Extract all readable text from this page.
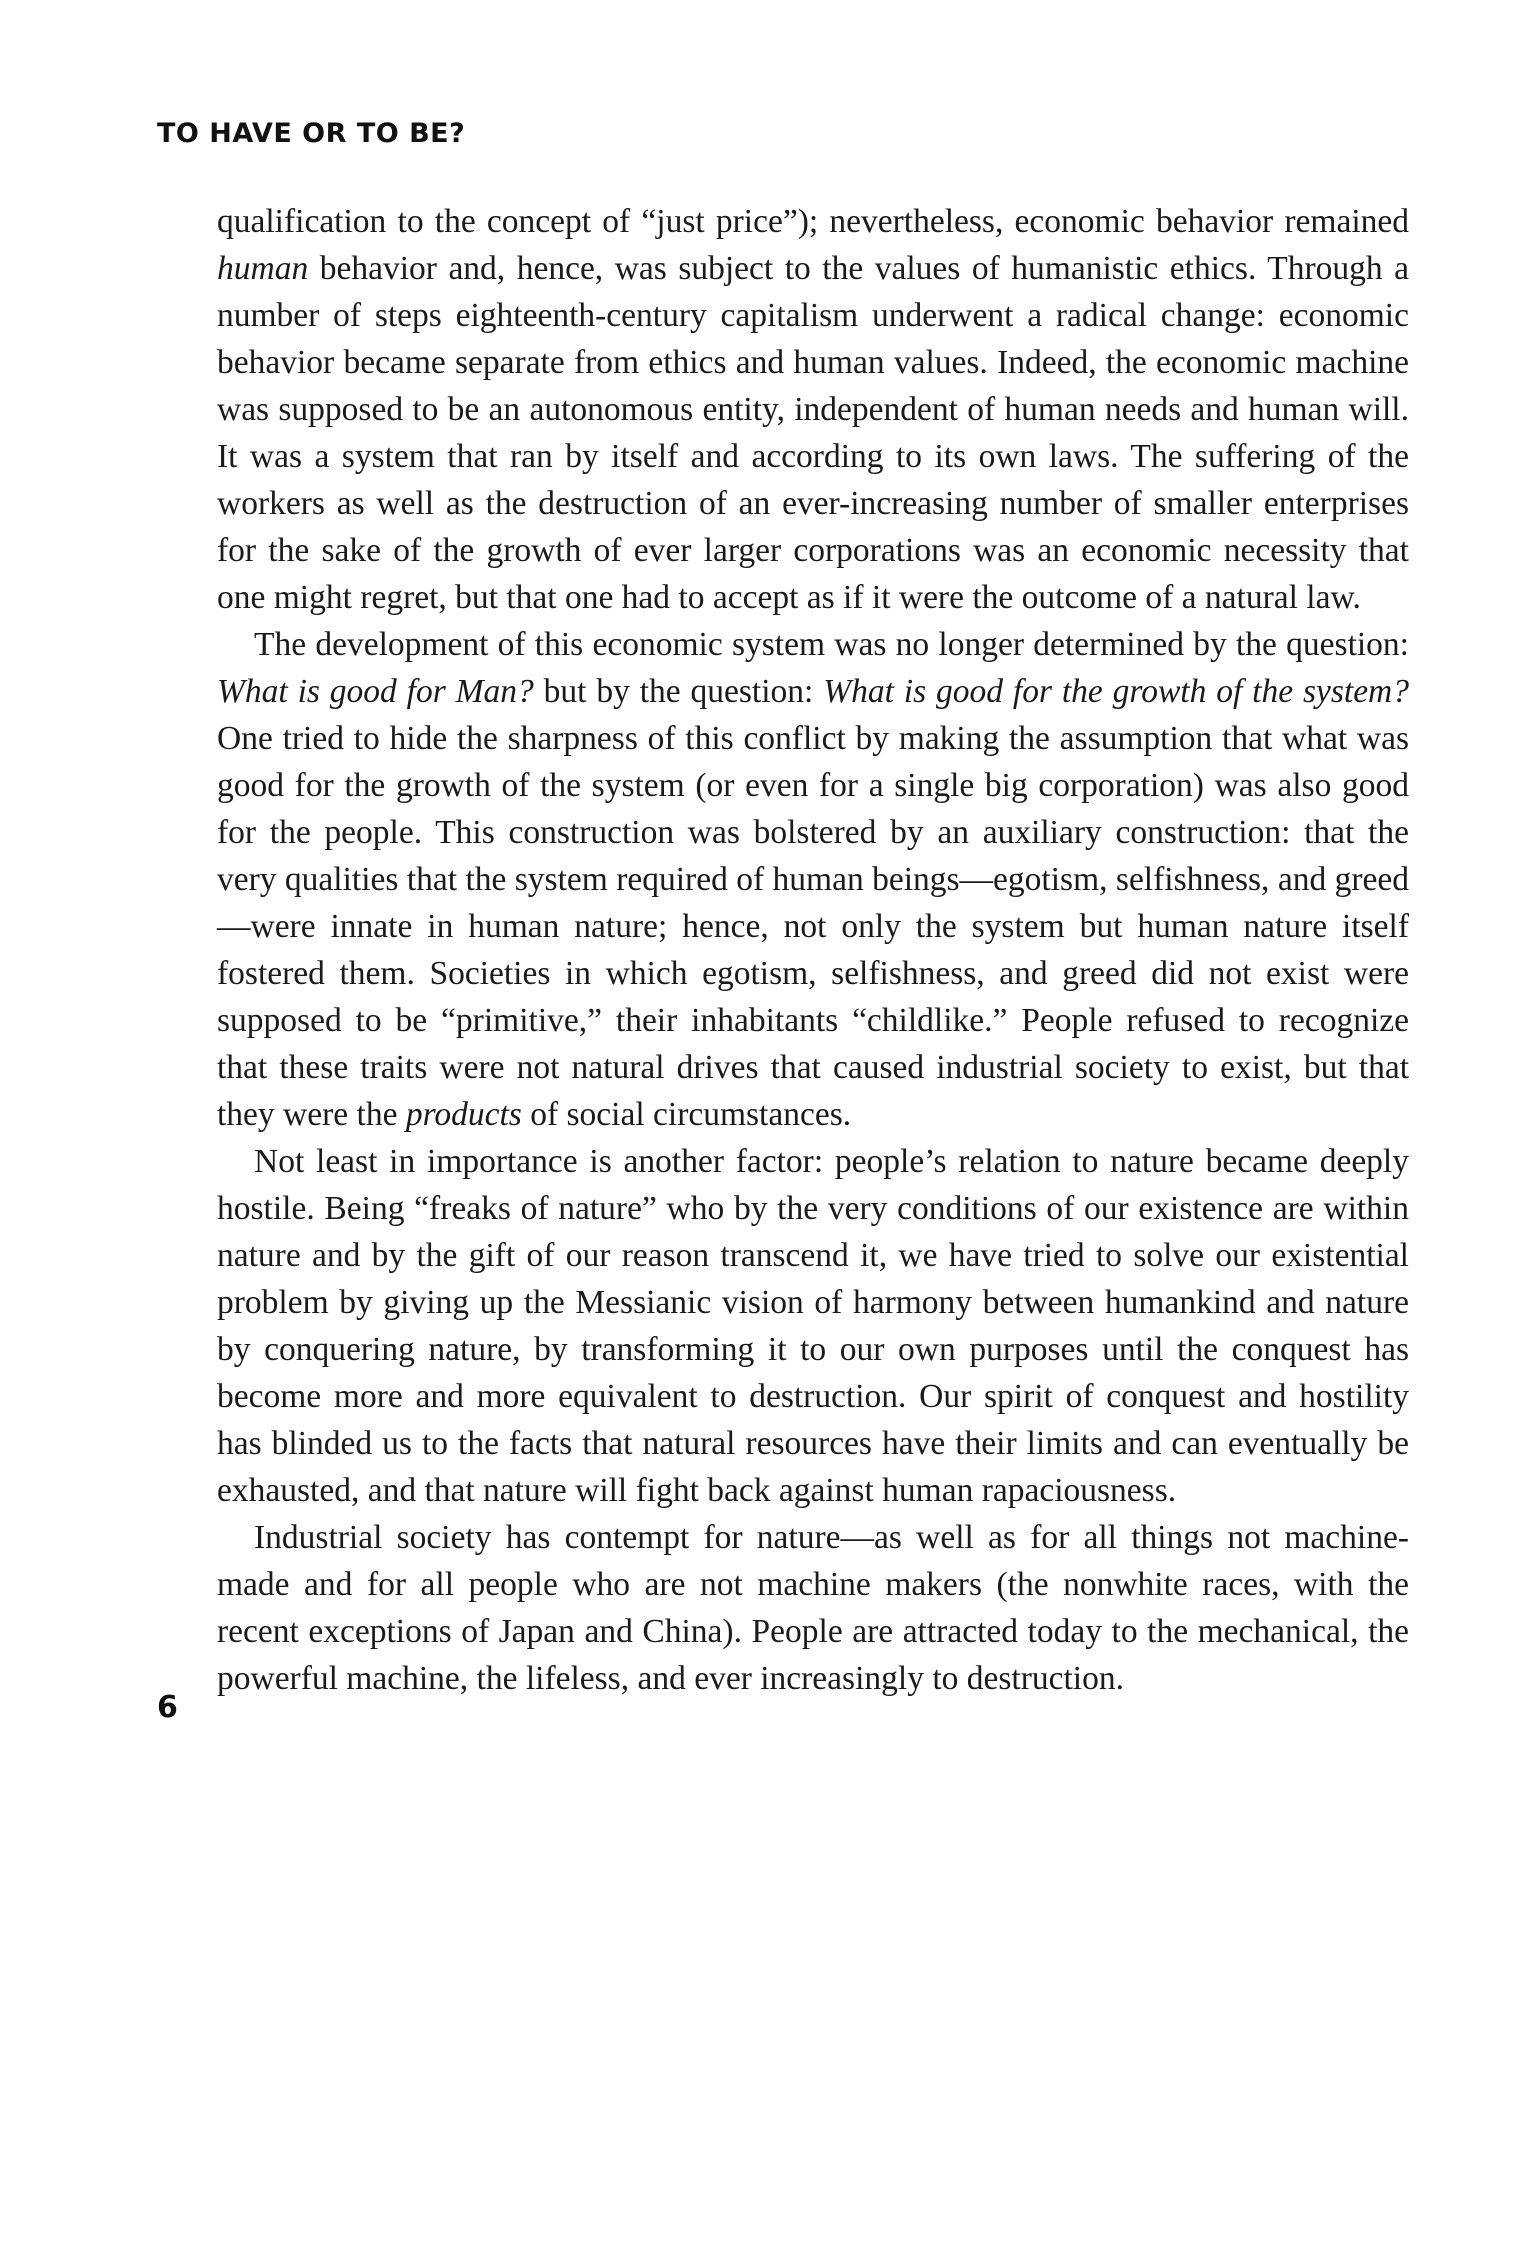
TO HAVE OR TO BE?

qualification to the concept of “just price”); nevertheless, economic behavior remained human behavior and, hence, was subject to the values of humanistic ethics. Through a number of steps eighteenth-century capitalism underwent a radical change: economic behavior became separate from ethics and human values. Indeed, the economic machine was supposed to be an autonomous entity, independent of human needs and human will. It was a system that ran by itself and according to its own laws. The suffering of the workers as well as the destruction of an ever-increasing number of smaller enterprises for the sake of the growth of ever larger corporations was an economic necessity that one might regret, but that one had to accept as if it were the outcome of a natural law.

The development of this economic system was no longer determined by the question: What is good for Man? but by the question: What is good for the growth of the system? One tried to hide the sharpness of this conflict by making the assumption that what was good for the growth of the system (or even for a single big corporation) was also good for the people. This construction was bolstered by an auxiliary construction: that the very qualities that the system required of human beings—egotism, selfishness, and greed—were innate in human nature; hence, not only the system but human nature itself fostered them. Societies in which egotism, selfishness, and greed did not exist were supposed to be “primitive,” their inhabitants “childlike.” People refused to recognize that these traits were not natural drives that caused industrial society to exist, but that they were the products of social circumstances.

Not least in importance is another factor: people’s relation to nature became deeply hostile. Being “freaks of nature” who by the very conditions of our existence are within nature and by the gift of our reason transcend it, we have tried to solve our existential problem by giving up the Messianic vision of harmony between humankind and nature by conquering nature, by transforming it to our own purposes until the conquest has become more and more equivalent to destruction. Our spirit of conquest and hostility has blinded us to the facts that natural resources have their limits and can eventually be exhausted, and that nature will fight back against human rapaciousness.

Industrial society has contempt for nature—as well as for all things not machine-made and for all people who are not machine makers (the nonwhite races, with the recent exceptions of Japan and China). People are attracted today to the mechanical, the powerful machine, the lifeless, and ever increasingly to destruction.

6
